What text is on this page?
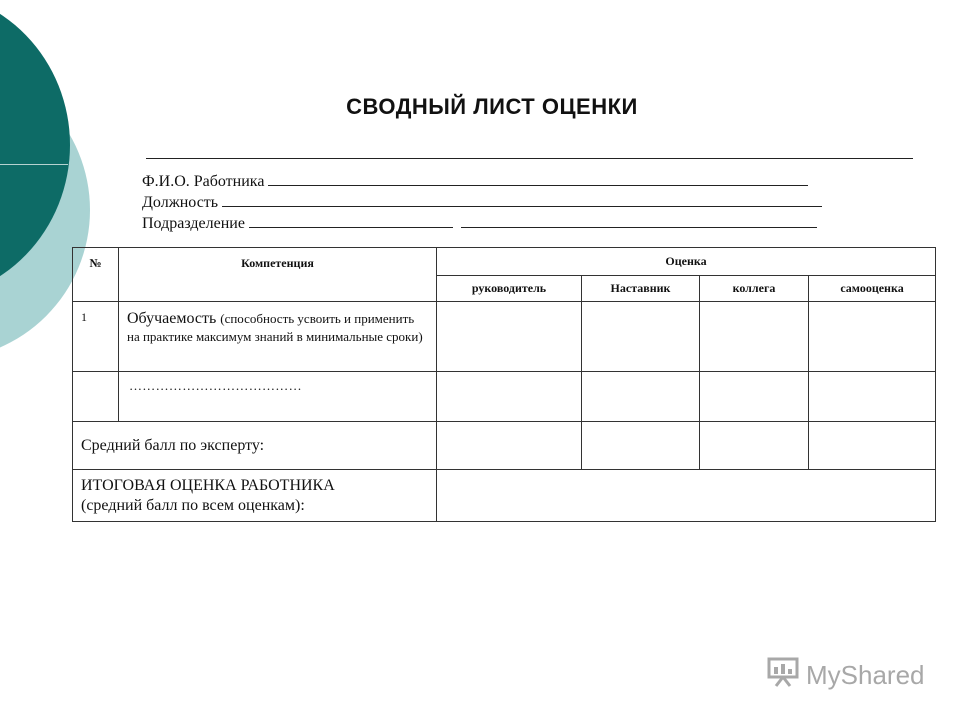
СВОДНЫЙ ЛИСТ ОЦЕНКИ
Ф.И.О. Работника
Должность
Подразделение
№	Компетенция	Оценка			
		руководитель	Наставник	коллега	самооценка
1	Обучаемость (способность усвоить и применить на практике максимум знаний в минимальные сроки)				
	…………………………………				
Средний балл по эксперту:					

ИТОГОВАЯ ОЦЕНКА РАБОТНИКА
(средний балл по всем оценкам):					

MyShared
